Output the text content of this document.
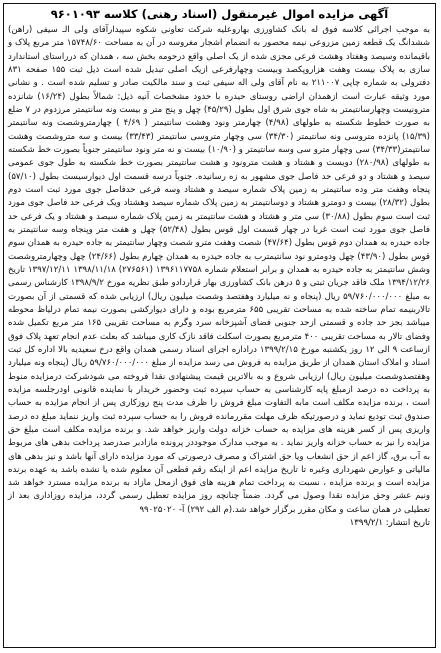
آگهی مزایده اموال غیرمنقول (اسناد رهنی) کلاسه ۹۶۰۱۰۹۳

به موجب اجرائی کلاسه فوق له بانک کشاورزی بهاروعلیه شرکت تعاونی شکوه سپیدارآقای ولی الـ سیفی (راهن) ششدانگ یک قطعه زمین مزروعی نیمه محصور به انضمام اشجار مغروسه در آن به مساحت ۱۵۷۴۸/۶۰ متر مربع پلاک و باقیمانده وسیصد وهفتاد وهشت فرعی مجزی شده از یک اصلی واقع درحومه بخش سه ، همدان که درراستای استاندارد سازی به پلاک بیست وهفت هزاروپکصد وبیست وچهارفرعی ازیک اصلی تبدیل شده است ذیل ثبت ۱۵۵ صفحه ۸۳۱ دفترولی به شماره چاپی ۲۱۱۰۰۷ به نام آقای ولی اله سیفی ثبت و سند مالکیت صادر و تسلیم شده است . و نشانی مورد وثیقه عبارت است ازهمدان اراضی روستای حیدره با حدود مشخصات آنیه ذیل: شمالاً بطول (۱۶/۲۴) شانزده مترونیست وچهارسانتیمتر به شاه جوی شرق اول بطول (۴۵/۲۹) چهل و پنج متر و بیست ونه سانتیمتر مرزدوم در ۷ ضلع به صورت خطوط شکسته به طولهای (۴/۹۸) چهارمتر ونود وهشت سانتیمتر ( ۴/۶۹ ) چهارمتروشصت ونه سانتیمتر (۱۵/۳۹) پانزده متروسی ونه سانتیمتر (۳۴/۳۰) سی وچهار متروسی سانتیمتر (۳۳/۴۳) بیست و سه متروشصت وهشت سانتیمتر(۳۴/۳۳) سی وچهار مترو سی وسه سانتیمتر و (۱۰/۹۰) بیست و نه متر ونود سانتیمتر جنوباً بصورت خط شکسته به طولهای (۲۸۰/۹۸) دویست و هشتاد و هشت مترونود و هشت سانتیمتر بصورت خط شکسته به طول جوی عمومی سیصد و هشتاد و دو فرعی حد فاصل جوی مشهور به زه رسانیده. جنوباً درسه قسمت اول دیوارسیست بطول (۵۷/۱۰) پنجاه وهفت متر وده سانتیمتر به زمین پلاک شماره سیصد و هشتاد وسه فرعی حدفاصل جوی مورد ثبت است دوم بطول (۲۸/۳۲) بیست و دومترو هشتاد و دوسانتیمتر به زمین پلاک شماره سیصد وهشتاد ویک فرعی حد فاصل جوی مورد ثبت است سوم بطول (۳۰/۸۸) سی متر و هشتاد و هشت سانتیمتر به زمین پلاک شماره سیصد و هشتاد و یک فرعی حد فاصل جوی مورد ثبت است غربا در چهار قسمت اول قوس بطول (۵۲/۴۸) چهل و هفت متر وپنجاه وسه سانتیمتر به جاده حیدره به همدان دوم قوس بطول (۴۷/۶۴) شصت وهفت مترو شصت وچهار سانتیمتر به جاده حیدره به همدان سوم قوس بطول (۴۳/۹۰) چهل ودومترو نود سانتیمترب به جاده حیدره به همدان چهارم بطول (۲۴/۶۶) چهل وچهارمتروشصت وشش سانتیمتر به جاده حیدره به همدان و برابر استعلام شماره ۱۳۹۶۱۱۷۷۵۸ (۲۷۶۵۶۱) ۱۳۹۸/۱۱/۱۸ ۱۳۹۷/۱۲/۱۱ تاریخ ۱۳۹۴/۱۲/۲۶ ملک فاقد جریان ثبتی و ۵ درهن بانک کشاورزی بهار قراردادو طبق نظریه مورخ ۱۳۹۸/۹/۲ کارشناس رسمی به مبلغ ۵۹/۷۶۰/۰۰۰/۰۰۰ ریال (پنجاه و نه میلیارد وهفتصد وشصت میلیون ریال) ارزیابی شده که قسمتی از آن بصورت تالاربنیمه تمام ساخته شده به مساحت تقریبی ۶۵۵ مترمربع بوده و دارای دیوارکشی بصورت نیمه تمام درلیاظ محوطه میباشد بجز حد جاده و قسمتی ازحد جنوبی فضای آشپزخانه سرد وگرم به مساحت تقریبی ۱۶۵ متر مربع تکمیل شده وفضای تالار به مساحت تقریبی ۴۰۰ مترمربع بصورت اسکلت فاقد نازک کاری میباشد که بعلت عدم انجام تعهد پلاک فوق ازساعت ۹ الی ۱۲ روز یکشنبه مورخ ۱۳۹۹/۲/۱۵ دراداره اجرای اسناد رسمی همدان واقع درخ سعیدیه بالا اداره کل ثبت اسناد و املاک استان همدان از طریق مزایده به فروش می رسد مزایده از مبلغ ۵۹/۷۶۰/۰۰۰/۰۰۰ ریال (پنجاه ونه میلیارد وهفتصدوشصت میلیون ریال) ارزیابی شروع و به بالاترین قیمت پیشنهادی نقدا فروخته می شودشرکت درمزایده منوط به پرداخت ده درصد ازمبلغ پایه کارشناسی به حساب سپرده ثبت وحضور خریدار با نماینده قانونی اودرجلسه مزایده است ، برنده مزایده مکلف است مابه التفاوت مبلغ فروش را ظرف مدت پنج روزکاری پس از انجام مزایده به حساب صندوق ثبت تودیع نماید و درصورتیکه ظرف مهلت مقررمانده فروش را به حساب سپرده ثبت واریز ننماید مبلغ ده درصد واریزی پس از کسر هزینه های مزایده به حساب خزانه دولت واریز خواهد شد. و برنده مزایده مکلف است مبلغ حق مزایده را نیز به حساب خزانه واریز نماید . به موجب مدارک موجوددر پرونده مازادبر صدرصد پرداخت بدهی های مربوط به آب برق، گاز اعم از حق انشعاب ویا حق اشتراک و مصرف درصورتی که مورد مزایده دارای آنها باشد و نیز بدهی های مالیاتی و عوارض شهرداری وغیره تا تاریخ مزایده اعم از اینکه رقم قطعی آن معلوم شده یا نشده باشد به عهده برنده مزایده است و برنده مزایده ، نسبت به پرداخت تمام هزینه های فوق ازمحل مازاد به برنده مزایده مسترد خواهد شد ونیم عشر وحق مزایده نقدا وصول می گردد. ضمناً چنانچه روز مزایده تعطیل رسمی گردد، مزایده روزاداری بعد از تعطیلی در همان ساعت و مکان مقرر برگزار خواهد شد.(م الف ۲۹۲) آ- ۹۹۰۲۵۰۲۰

تاریخ انتشار: ۱۳۹۹/۲/۱
